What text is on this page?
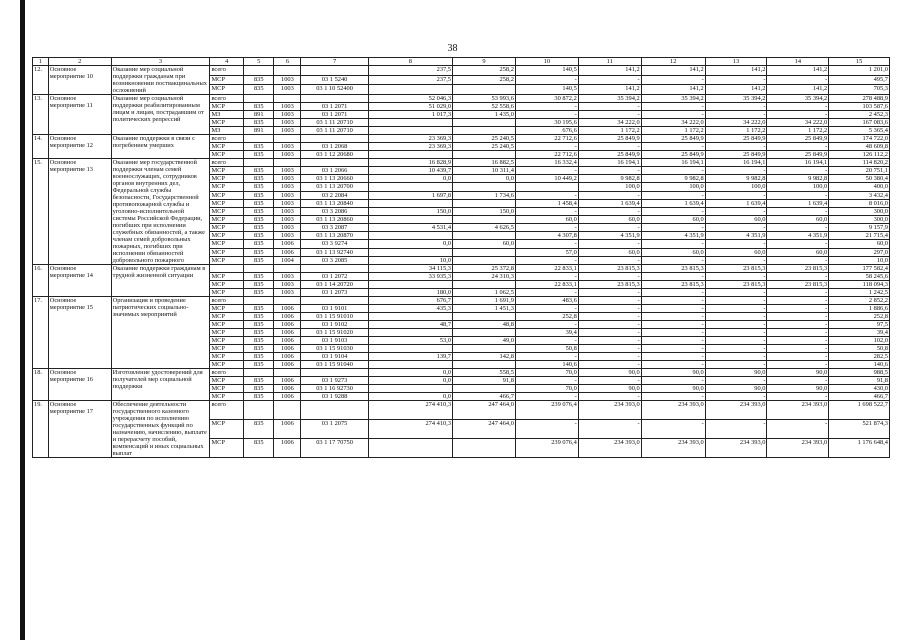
38
1	2	3	4	5	6	7	8	9	10	11	12	13	14	15
12.	Основное мероприятие 10	Оказание мер социальной поддержки гражданам при возникновении поствакцинальных осложнений	всего				237,5	258,2	140,5	141,2	141,2	141,2	141,2	1 201,0
			МСР	835	1003	03 1 5240	237,5	258,2	-	-	-	-	-	495,7
			МСР	835	1003	03 1 10 52400			140,5	141,2	141,2	141,2	141,2	705,3
13.	Основное мероприятие 11	Оказание мер социальной поддержки реабилитированным лицам и лицам, пострадавшим от политических репрессий	всего				52 046,3	53 993,6	30 872,2	35 394,2	35 394,2	35 394,2	35 394,2	278 488,9
			МСР	835	1003	03 1 2071	51 029,0	52 558,6	-	-	-	-	-	103 587,6
			МЗ	891	1003	03 1 2071	1 017,3	1 435,0	-	-	-	-	-	2 452,3
			МСР	835	1003	03 1 11 20710			30 195,6	34 222,0	34 222,0	34 222,0	34 222,0	167 083,6
			МЗ	891	1003	03 1 11 20710			676,6	1 172,2	1 172,2	1 172,2	1 172,2	5 365,4
14.	Основное мероприятие 12	Оказание поддержки в связи с погребением умерших	всего				23 369,3	25 240,5	22 712,6	25 849,9	25 849,9	25 849,9	25 849,9	174 722,0
			МСР	835	1003	03 1 2068	23 369,3	25 240,5	-	-	-	-	-	48 609,8
			МСР	835	1003	03 1 12 20680			22 712,6	25 849,9	25 849,9	25 849,9	25 849,9	126 112,2
15.	Основное мероприятие 13	Оказание мер государственной поддержки членам семей военнослужащих, сотрудников органов внутренних дел, Федеральной службы безопасности, Государственной противопожарной службы и уголовно-исполнительной системы Российской Федерации, погибших при исполнении служебных обязанностей, а также членам семей добровольных пожарных, погибших при исполнении обязанностей добровольного пожарного	всего				16 828,9	16 882,5	16 332,4	16 194,1	16 194,1	16 194,1	16 194,1	114 820,2
			МСР	835	1003	03 1 2066	10 439,7	10 311,4	-	-	-	-	-	20 751,1
			МСР	835	1003	03 1 13 20660	0,0	0,0	10 449,2	9 982,8	9 982,8	9 982,8	9 982,8	50 380,4
			МСР	835	1003	03 1 13 20700				100,0	100,0	100,0	100,0	400,0
			МСР	835	1003	03 2 2084	1 697,8	1 734,6	-	-	-	-	-	3 432,4
			МСР	835	1003	03 1 13 20840			1 458,4	1 639,4	1 639,4	1 639,4	1 639,4	8 016,0
			МСР	835	1003	03 3 2086	150,0	150,0	-	-	-	-	-	300,0
			МСР	835	1003	03 1 13 20860			60,0	60,0	60,0	60,0	60,0	300,0
			МСР	835	1003	03 3 2087	4 531,4	4 626,5	-	-	-	-	-	9 157,9
			МСР	835	1003	03 1 13 20870			4 307,8	4 351,9	4 351,9	4 351,9	4 351,9	21 715,4
			МСР	835	1006	03 3 9274	0,0	60,0	-	-	-	-	-	60,0
			МСР	835	1006	03 1 13 92740			57,0	60,0	60,0	60,0	60,0	297,0
			МСР	835	1004	03 3 2085	10,0		-	-	-	-	-	10,0
16.	Основное мероприятие 14	Оказание поддержки гражданам в трудной жизненной ситуации					34 115,3	25 372,8	22 833,1	23 815,3	23 815,3	23 815,3	23 815,3	177 582,4
			МСР	835	1003	03 1 2072	33 935,3	24 310,3	-	-	-	-	-	58 245,6
			МСР	835	1003	03 1 14 20720			22 833,1	23 815,3	23 815,3	23 815,3	23 815,3	118 094,3
			МСР	835	1003	03 1 2073	180,0	1 062,5	-	-	-	-	-	1 242,5
17.	Основное мероприятие 15	Организация и проведение патриотических социально-значимых мероприятий	всего				676,7	1 691,9	483,6	-	-	-	-	2 852,2
			МСР	835	1006	03 1 9101	435,3	1 451,3	-	-	-	-	-	1 886,6
			МСР	835	1006	03 1 15 91010			252,8	-	-	-	-	252,8
			МСР	835	1006	03 1 9102	48,7	48,8	-	-	-	-	-	97,5
			МСР	835	1006	03 1 15 91020			39,4	-	-	-	-	39,4
			МСР	835	1006	03 1 9103	53,0	49,0	-	-	-	-	-	102,0
			МСР	835	1006	03 1 15 91030			50,8	-	-	-	-	50,8
			МСР	835	1006	03 1 9104	139,7	142,8	-	-	-	-	-	282,5
			МСР	835	1006	03 1 15 91040			140,6	-	-	-	-	140,6
18.	Основное мероприятие 16	Изготовление удостоверений для получателей мер социальной поддержки	всего				0,0	558,5	70,0	90,0	90,0	90,0	90,0	988,5
			МСР	835	1006	03 1 9273	0,0	91,8	-	-	-	-	-	91,8
			МСР	835	1006	03 1 16 92730			70,0	90,0	90,0	90,0	90,0	430,0
			МСР	835	1006	03 1 9288	0,0	466,7	-	-	-	-	-	466,7
19.	Основное мероприятие 17	Обеспечение деятельности государственного казенного учреждения по исполнению государственных функций по назначению, начислению, выплате и перерасчету пособий, компенсаций и иных социальных выплат	всего				274 410,3	247 464,0	239 076,4	234 393,0	234 393,0	234 393,0	234 393,0	1 698 522,7
			МСР	835	1006	03 1 2075	274 410,3	247 464,0	-	-	-	-	-	521 874,3
			МСР	835	1006	03 1 17 70750			239 076,4	234 393,0	234 393,0	234 393,0	234 393,0	1 176 648,4
